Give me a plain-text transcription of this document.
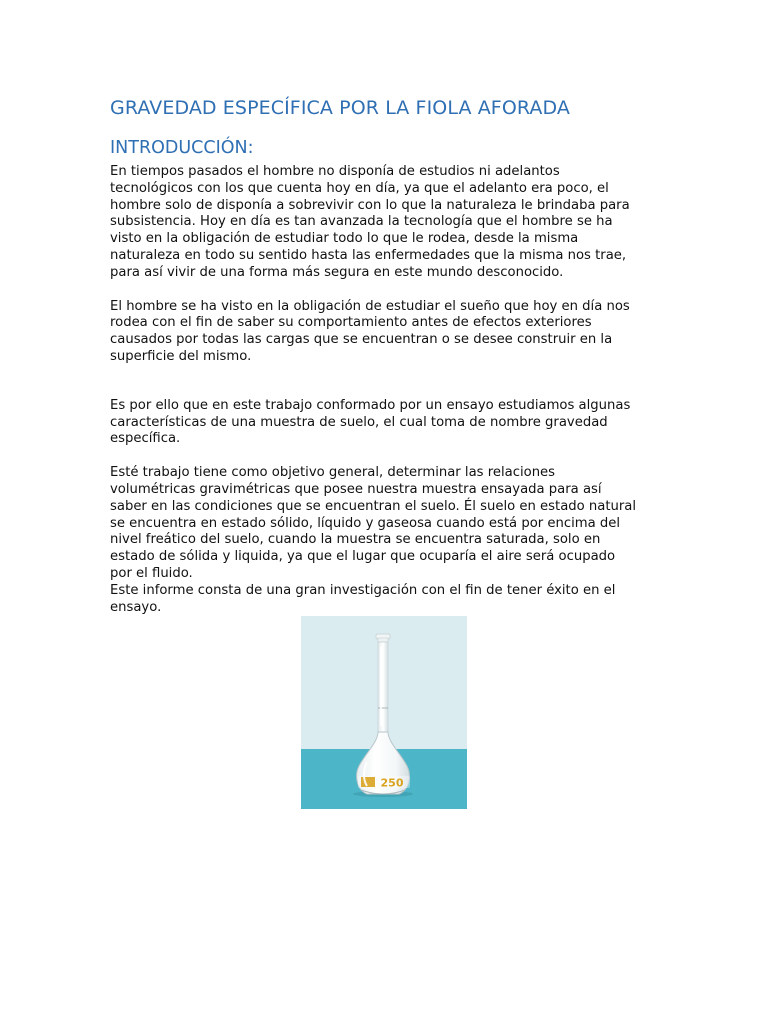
GRAVEDAD ESPECÍFICA POR LA FIOLA AFORADA
INTRODUCCIÓN:

En tiempos pasados el hombre no disponía de estudios ni adelantos
tecnológicos con los que cuenta hoy en día, ya que el adelanto era poco, el
hombre solo de disponía a sobrevivir con lo que la naturaleza le brindaba para
subsistencia. Hoy en día es tan avanzada la tecnología que el hombre se ha
visto en la obligación de estudiar todo lo que le rodea, desde la misma
naturaleza en todo su sentido hasta las enfermedades que la misma nos trae,
para así vivir de una forma más segura en este mundo desconocido.

El hombre se ha visto en la obligación de estudiar el sueño que hoy en día nos
rodea con el fin de saber su comportamiento antes de efectos exteriores
causados por todas las cargas que se encuentran o se desee construir en la
superficie del mismo.

Es por ello que en este trabajo conformado por un ensayo estudiamos algunas
características de una muestra de suelo, el cual toma de nombre gravedad
específica.

Esté trabajo tiene como objetivo general, determinar las relaciones
volumétricas gravimétricas que posee nuestra muestra ensayada para así
saber en las condiciones que se encuentran el suelo. Él suelo en estado natural
se encuentra en estado sólido, líquido y gaseosa cuando está por encima del
nivel freático del suelo, cuando la muestra se encuentra saturada, solo en
estado de sólida y liquida, ya que el lugar que ocuparía el aire será ocupado
por el fluido.
Este informe consta de una gran investigación con el fin de tener éxito en el
ensayo.

250
